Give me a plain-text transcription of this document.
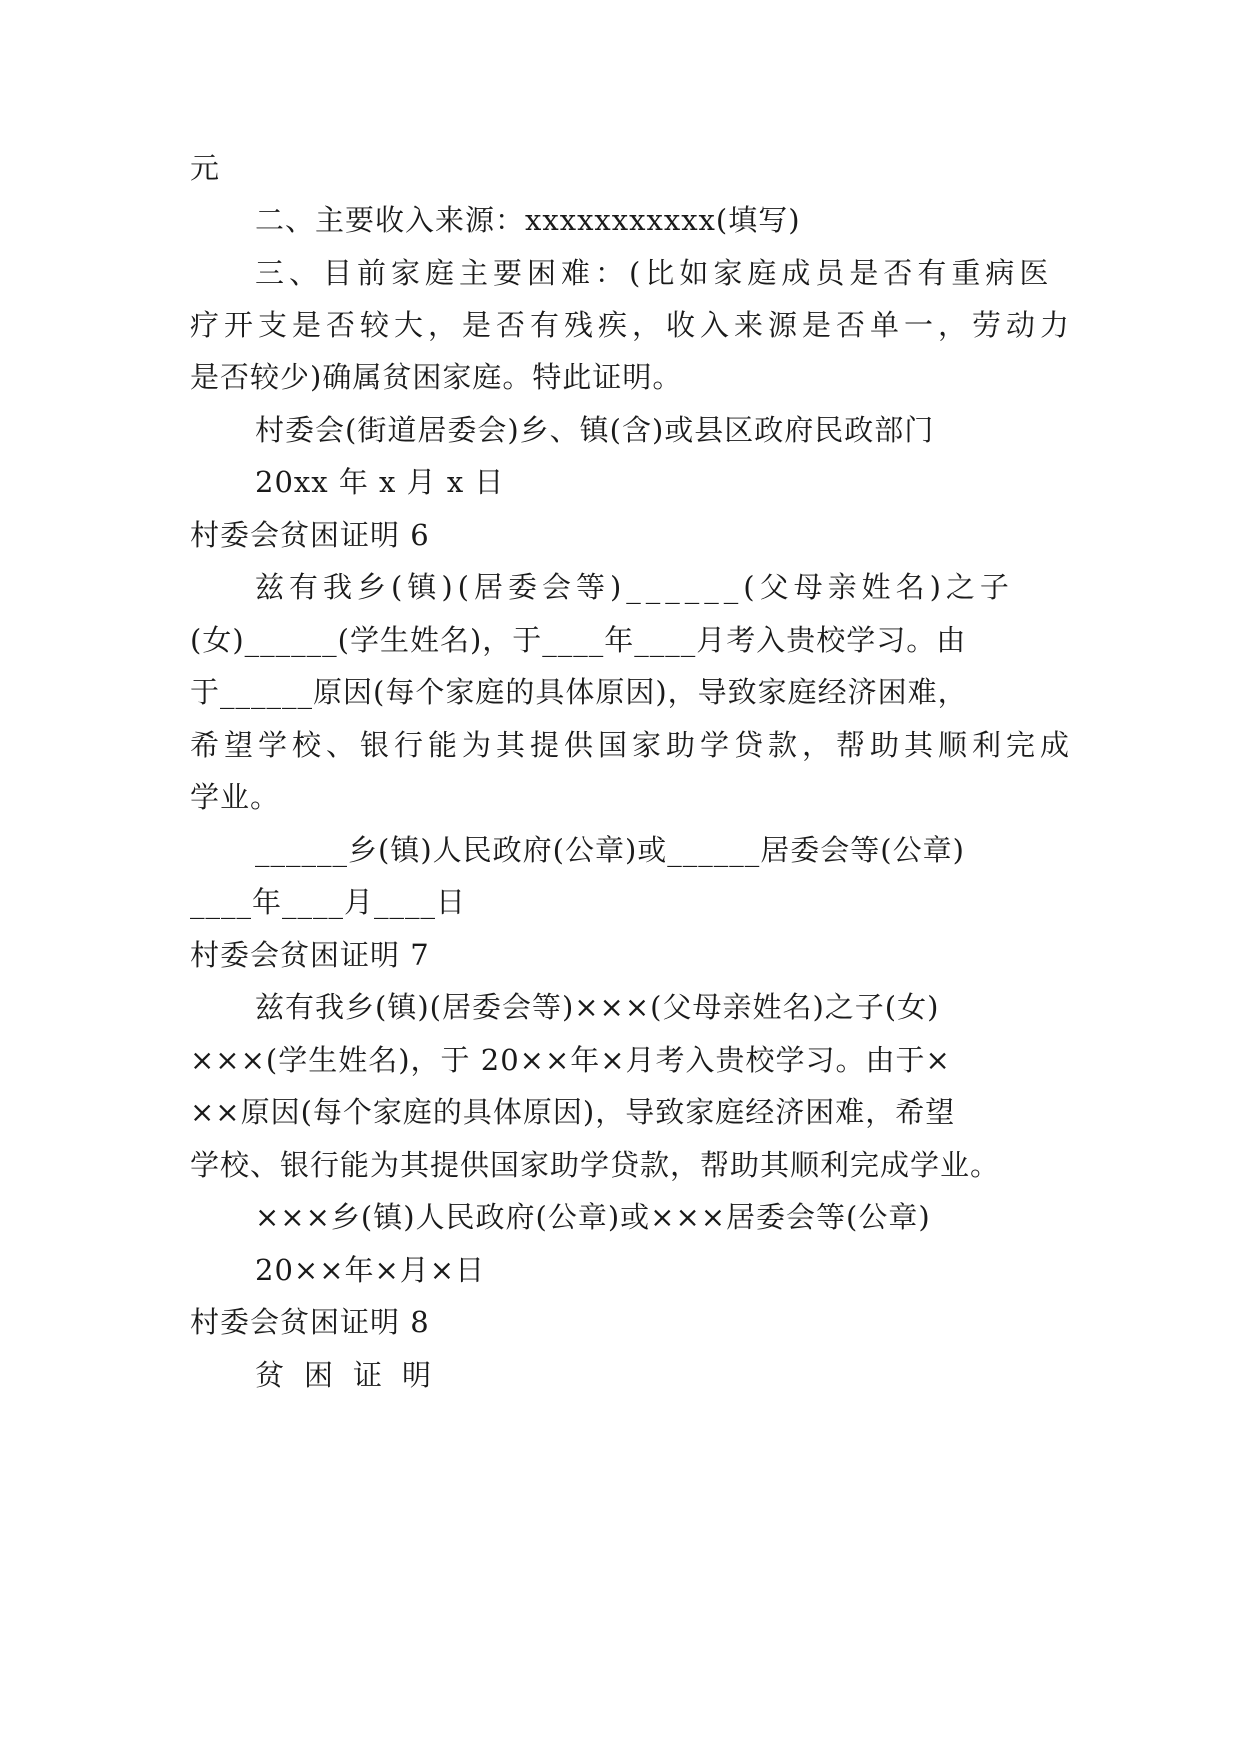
元
二、主要收入来源：xxxxxxxxxxx(填写)
三、目前家庭主要困难：(比如家庭成员是否有重病医
疗开支是否较大，是否有残疾，收入来源是否单一，劳动力
是否较少)确属贫困家庭。特此证明。
村委会(街道居委会)乡、镇(含)或县区政府民政部门
20xx 年 x 月 x 日
村委会贫困证明 6
兹有我乡(镇)(居委会等)______(父母亲姓名)之子
(女)______(学生姓名)，于____年____月考入贵校学习。由
于______原因(每个家庭的具体原因)，导致家庭经济困难，
希望学校、银行能为其提供国家助学贷款，帮助其顺利完成
学业。
______乡(镇)人民政府(公章)或______居委会等(公章)
____年____月____日
村委会贫困证明 7
兹有我乡(镇)(居委会等)×××(父母亲姓名)之子(女)
×××(学生姓名)，于 20××年×月考入贵校学习。由于×
××原因(每个家庭的具体原因)，导致家庭经济困难，希望
学校、银行能为其提供国家助学贷款，帮助其顺利完成学业。
×××乡(镇)人民政府(公章)或×××居委会等(公章)
20××年×月×日
村委会贫困证明 8
贫困证明
